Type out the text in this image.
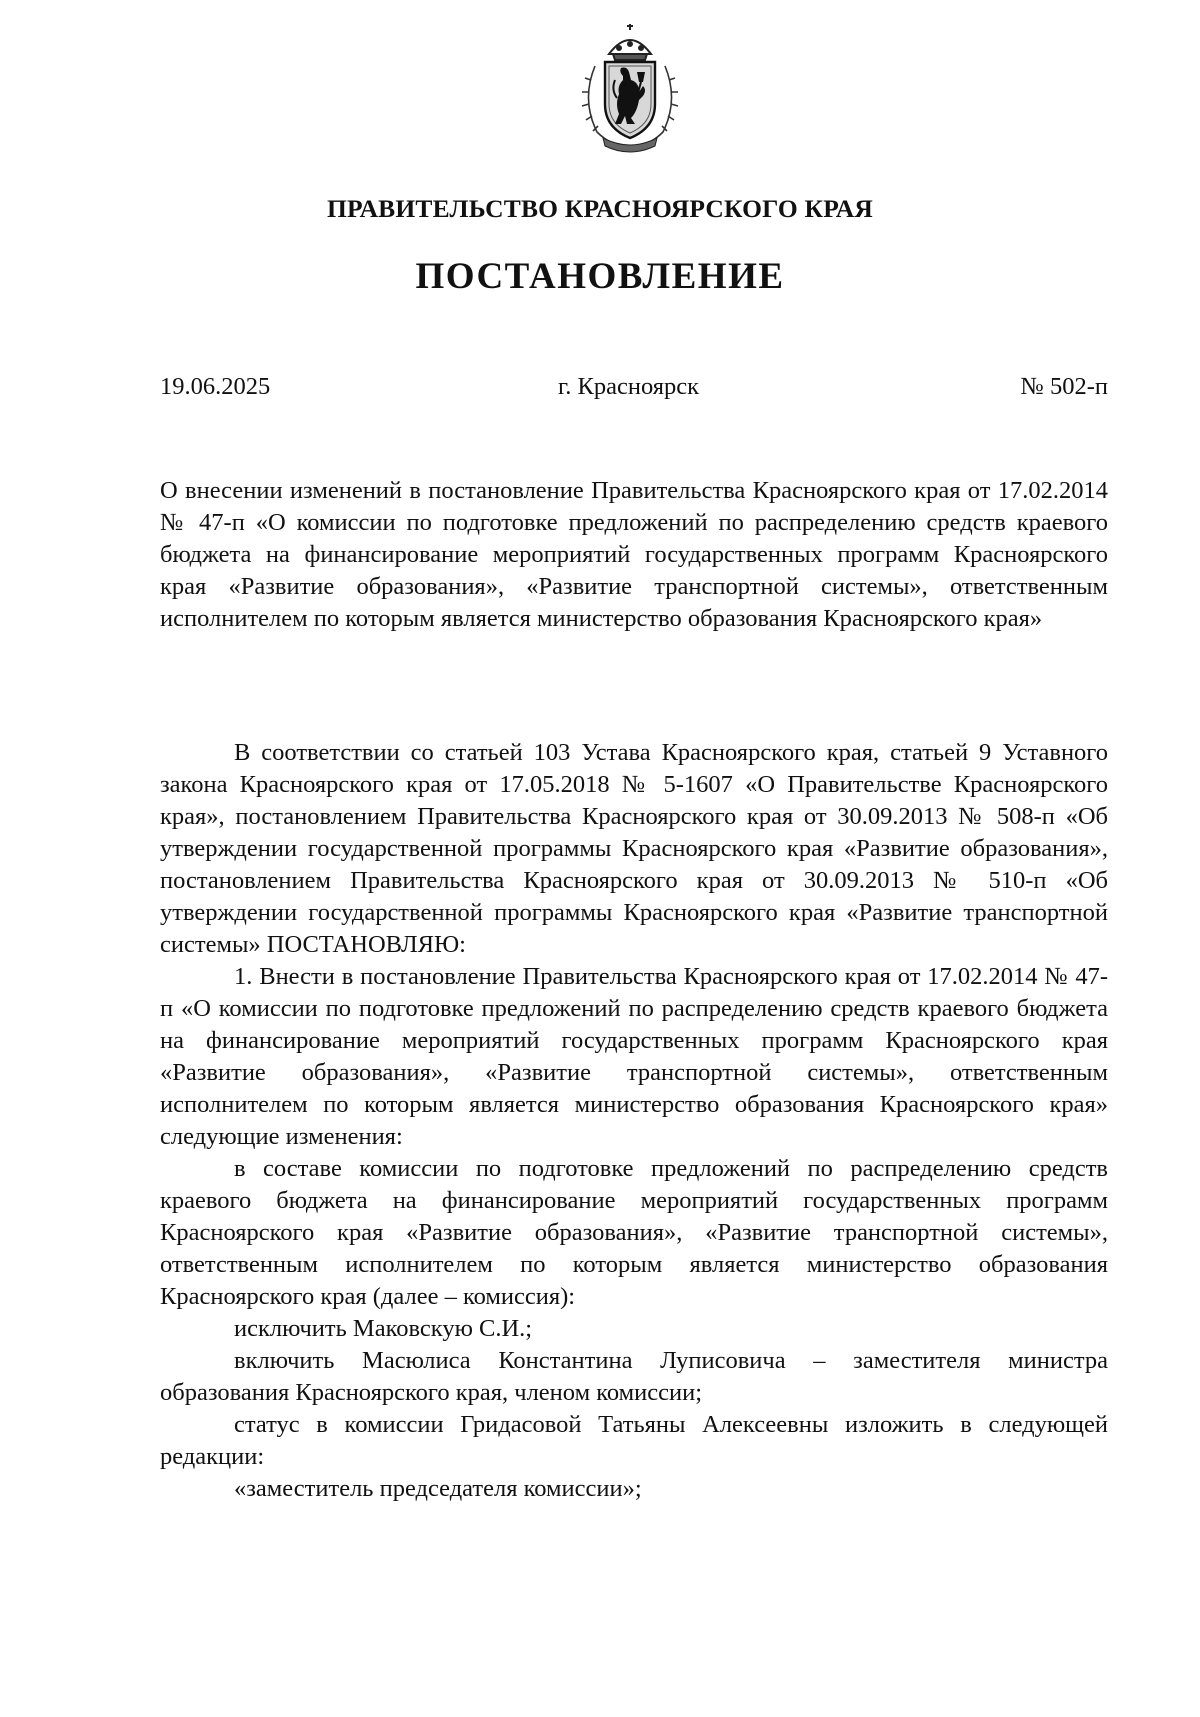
ПРАВИТЕЛЬСТВО КРАСНОЯРСКОГО КРАЯ
ПОСТАНОВЛЕНИЕ
19.06.2025	г. Красноярск	№ 502-п
О внесении изменений в постановление Правительства Красноярского края от 17.02.2014 № 47-п «О комиссии по подготовке предложений по распределению средств краевого бюджета на финансирование мероприятий государственных программ Красноярского края «Развитие образования», «Развитие транспортной системы», ответственным исполнителем по которым является министерство образования Красноярского края»

В соответствии со статьей 103 Устава Красноярского края, статьей 9 Уставного закона Красноярского края от 17.05.2018 № 5-1607 «О Правительстве Красноярского края», постановлением Правительства Красноярского края от 30.09.2013 № 508-п «Об утверждении государственной программы Красноярского края «Развитие образования», постановлением Правительства Красноярского края от 30.09.2013 № 510-п «Об утверждении государственной программы Красноярского края «Развитие транспортной системы» ПОСТАНОВЛЯЮ:

1. Внести в постановление Правительства Красноярского края от 17.02.2014 № 47-п «О комиссии по подготовке предложений по распределению средств краевого бюджета на финансирование мероприятий государственных программ Красноярского края «Развитие образования», «Развитие транспортной системы», ответственным исполнителем по которым является министерство образования Красноярского края» следующие изменения:

в составе комиссии по подготовке предложений по распределению средств краевого бюджета на финансирование мероприятий государственных программ Красноярского края «Развитие образования», «Развитие транспортной системы», ответственным исполнителем по которым является министерство образования Красноярского края (далее – комиссия):

исключить Маковскую С.И.;

включить Масюлиса Константина Луписовича – заместителя министра образования Красноярского края, членом комиссии;

статус в комиссии Гридасовой Татьяны Алексеевны изложить в следующей редакции:

«заместитель председателя комиссии»;
